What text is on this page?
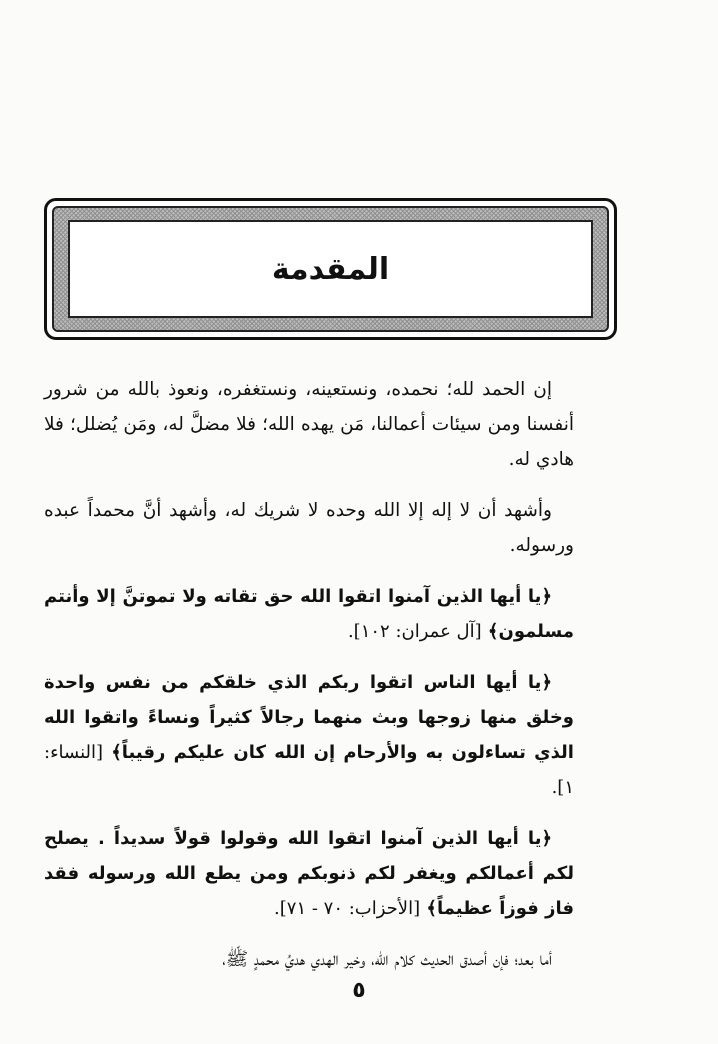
المقدمة

إن الحمد لله؛ نحمده، ونستعينه، ونستغفره، ونعوذ بالله من شرور أنفسنا ومن سيئات أعمالنا، مَن يهده الله؛ فلا مضلَّ له، ومَن يُضلل؛ فلا هادي له.

وأشهد أن لا إله إلا الله وحده لا شريك له، وأشهد أنَّ محمداً عبده ورسوله.

﴿يا أيها الذين آمنوا اتقوا الله حق تقاته ولا تموتنَّ إلا وأنتم مسلمون﴾ [آل عمران: ١٠٢].

﴿يا أيها الناس اتقوا ربكم الذي خلقكم من نفس واحدة وخلق منها زوجها وبث منهما رجالاً كثيراً ونساءً واتقوا الله الذي تساءلون به والأرحام إن الله كان عليكم رقيباً﴾ [النساء: ١].

﴿يا أيها الذين آمنوا اتقوا الله وقولوا قولاً سديداً . يصلح لكم أعمالكم ويغفر لكم ذنوبكم ومن يطع الله ورسوله فقد فاز فوزاً عظيماً﴾ [الأحزاب: ٧٠ - ٧١].

أما بعد؛ فإن أصدق الحديث كلام الله، وخير الهدي هديُ محمدٍ ﷺ،

٥
